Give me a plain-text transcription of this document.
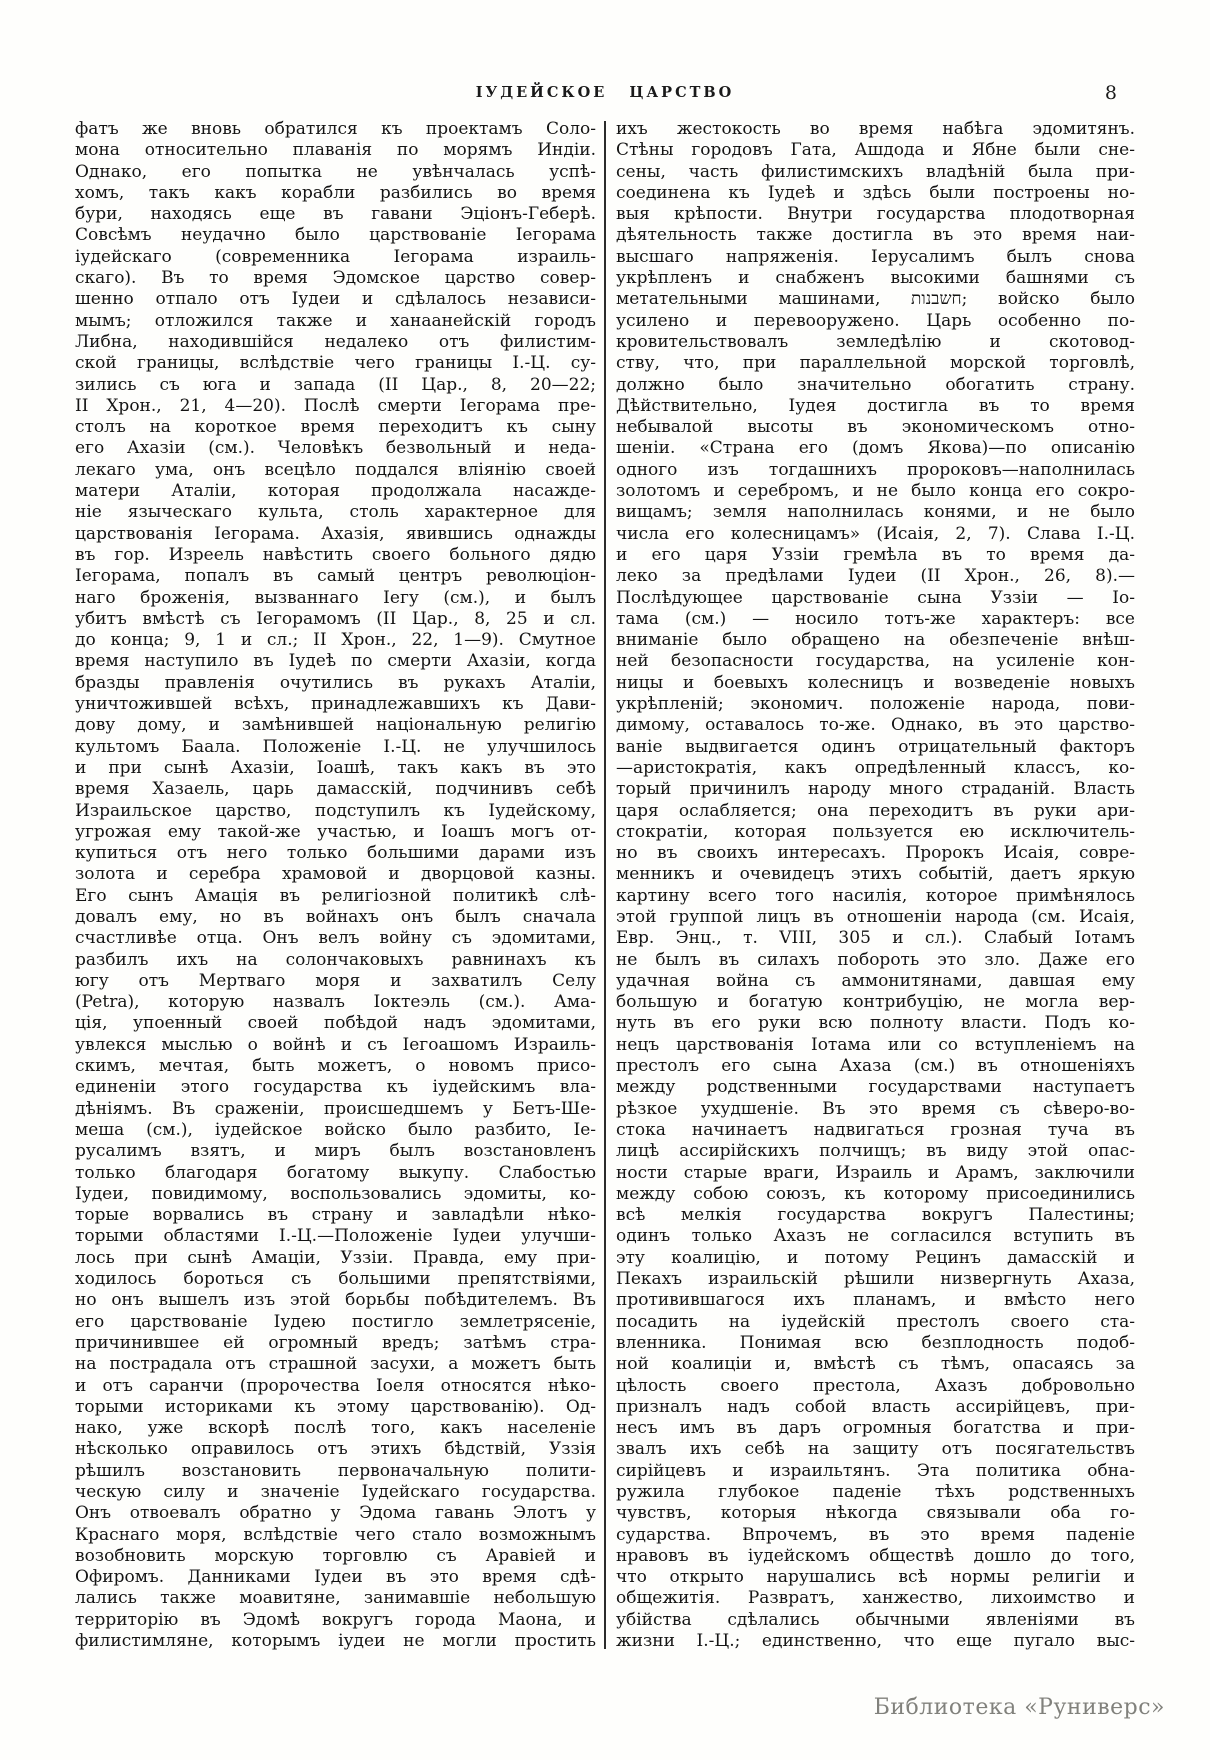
ІУДЕЙСКОЕ ЦАРСТВО	8
фатъ же вновь обратился къ проектамъ Соло-
мона относительно плаванія по морямъ Индіи.
Однако, его попытка не увѣнчалась успѣ-
хомъ, такъ какъ корабли разбились во время
бури, находясь еще въ гавани Эціонъ-Геберѣ.
Совсѣмъ неудачно было царствованіе Іегорама
іудейскаго (современника Іегорама израиль-
скаго). Въ то время Эдомское царство совер-
шенно отпало отъ Іудеи и сдѣлалось независи-
мымъ; отложился также и ханаанейскій городъ
Либна, находившійся недалеко отъ филистим-
ской границы, вслѣдствіе чего границы І.-Ц. су-
зились съ юга и запада (II Цар., 8, 20—22;
II Хрон., 21, 4—20). Послѣ смерти Іегорама пре-
столъ на короткое время переходитъ къ сыну
его Ахазіи (см.). Человѣкъ безвольный и неда-
лекаго ума, онъ всецѣло поддался вліянію своей
матери Аталіи, которая продолжала насажде-
ніе языческаго культа, столь характерное для
царствованія Іегорама. Ахазія, явившись однажды
въ гор. Изреель навѣстить своего больного дядю
Іегорама, попалъ въ самый центръ революціон-
наго броженія, вызваннаго Іегу (см.), и былъ
убитъ вмѣстѣ съ Іегорамомъ (II Цар., 8, 25 и сл.
до конца; 9, 1 и сл.; II Хрон., 22, 1—9). Смутное
время наступило въ Іудеѣ по смерти Ахазіи, когда
бразды правленія очутились въ рукахъ Аталіи,
уничтожившей всѣхъ, принадлежавшихъ къ Дави-
дову дому, и замѣнившей національную религію
культомъ Баала. Положеніе І.-Ц. не улучшилось
и при сынѣ Ахазіи, Іоашѣ, такъ какъ въ это
время Хазаель, царь дамасскій, подчинивъ себѣ
Израильское царство, подступилъ къ Іудейскому,
угрожая ему такой-же участью, и Іоашъ могъ от-
купиться отъ него только большими дарами изъ
золота и серебра храмовой и дворцовой казны.
Его сынъ Амація въ религіозной политикѣ слѣ-
довалъ ему, но въ войнахъ онъ былъ сначала
счастливѣе отца. Онъ велъ войну съ эдомитами,
разбилъ ихъ на солончаковыхъ равнинахъ къ
югу отъ Мертваго моря и захватилъ Селу
(Petra), которую назвалъ Іоктеэль (см.). Ама-
ція, упоенный своей побѣдой надъ эдомитами,
увлекся мыслью о войнѣ и съ Іегоашомъ Израиль-
скимъ, мечтая, быть можетъ, о новомъ присо-
единеніи этого государства къ іудейскимъ вла-
дѣніямъ. Въ сраженіи, происшедшемъ у Бетъ-Ше-
меша (см.), іудейское войско было разбито, Іе-
русалимъ взятъ, и миръ былъ возстановленъ
только благодаря богатому выкупу. Слабостью
Іудеи, повидимому, воспользовались эдомиты, ко-
торые ворвались въ страну и завладѣли нѣко-
торыми областями І.-Ц.—Положеніе Іудеи улучши-
лось при сынѣ Амаціи, Уззіи. Правда, ему при-
ходилось бороться съ большими препятствіями,
но онъ вышелъ изъ этой борьбы побѣдителемъ. Въ
его царствованіе Іудею постигло землетрясеніе,
причинившее ей огромный вредъ; затѣмъ стра-
на пострадала отъ страшной засухи, а можетъ быть
и отъ саранчи (пророчества Іоеля относятся нѣко-
торыми историками къ этому царствованію). Од-
нако, уже вскорѣ послѣ того, какъ населеніе
нѣсколько оправилось отъ этихъ бѣдствій, Уззія
рѣшилъ возстановить первоначальную полити-
ческую силу и значеніе Іудейскаго государства.
Онъ отвоевалъ обратно у Эдома гавань Элотъ у
Краснаго моря, вслѣдствіе чего стало возможнымъ
возобновить морскую торговлю съ Аравіей и
Офиромъ. Данниками Іудеи въ это время сдѣ-
лались также моавитяне, занимавшіе небольшую
территорію въ Эдомѣ вокругъ города Маона, и
филистимляне, которымъ іудеи не могли простить
ихъ жестокость во время набѣга эдомитянъ.
Стѣны городовъ Гата, Ашдода и Ябне были сне-
сены, часть филистимскихъ владѣній была при-
соединена къ Іудеѣ и здѣсь были построены но-
выя крѣпости. Внутри государства плодотворная
дѣятельность также достигла въ это время наи-
высшаго напряженія. Іерусалимъ былъ снова
укрѣпленъ и снабженъ высокими башнями съ
метательными машинами, חשבנות; войско было
усилено и перевооружено. Царь особенно по-
кровительствовалъ земледѣлію и скотовод-
ству, что, при параллельной морской торговлѣ,
должно было значительно обогатить страну.
Дѣйствительно, Іудея достигла въ то время
небывалой высоты въ экономическомъ отно-
шеніи. «Страна его (домъ Якова)—по описанію
одного изъ тогдашнихъ пророковъ—наполнилась
золотомъ и серебромъ, и не было конца его сокро-
вищамъ; земля наполнилась конями, и не было
числа его колесницамъ» (Исаія, 2, 7). Слава І.-Ц.
и его царя Уззіи гремѣла въ то время да-
леко за предѣлами Іудеи (II Хрон., 26, 8).—
Послѣдующее царствованіе сына Уззіи — Іо-
тама (см.) — носило тотъ-же характеръ: все
вниманіе было обращено на обезпеченіе внѣш-
ней безопасности государства, на усиленіе кон-
ницы и боевыхъ колесницъ и возведеніе новыхъ
укрѣпленій; экономич. положеніе народа, пови-
димому, оставалось то-же. Однако, въ это царство-
ваніе выдвигается одинъ отрицательный факторъ
—аристократія, какъ опредѣленный классъ, ко-
торый причинилъ народу много страданій. Власть
царя ослабляется; она переходитъ въ руки ари-
стократіи, которая пользуется ею исключитель-
но въ своихъ интересахъ. Пророкъ Исаія, совре-
менникъ и очевидецъ этихъ событій, даетъ яркую
картину всего того насилія, которое примѣнялось
этой группой лицъ въ отношеніи народа (см. Исаія,
Евр. Энц., т. VIII, 305 и сл.). Слабый Іотамъ
не былъ въ силахъ побороть это зло. Даже его
удачная война съ аммонитянами, давшая ему
большую и богатую контрибуцію, не могла вер-
нуть въ его руки всю полноту власти. Подъ ко-
нецъ царствованія Іотама или со вступленіемъ на
престолъ его сына Ахаза (см.) въ отношеніяхъ
между родственными государствами наступаетъ
рѣзкое ухудшеніе. Въ это время съ сѣверо-во-
стока начинаетъ надвигаться грозная туча въ
лицѣ ассирійскихъ полчищъ; въ виду этой опас-
ности старые враги, Израиль и Арамъ, заключили
между собою союзъ, къ которому присоединились
всѣ мелкія государства вокругъ Палестины;
одинъ только Ахазъ не согласился вступить въ
эту коалицію, и потому Рецинъ дамасскій и
Пекахъ израильскій рѣшили низвергнуть Ахаза,
противившагося ихъ планамъ, и вмѣсто него
посадить на іудейскій престолъ своего ста-
вленника. Понимая всю безплодность подоб-
ной коалиціи и, вмѣстѣ съ тѣмъ, опасаясь за
цѣлость своего престола, Ахазъ добровольно
призналъ надъ собой власть ассирійцевъ, при-
несъ имъ въ даръ огромныя богатства и при-
звалъ ихъ себѣ на защиту отъ посягательствъ
сирійцевъ и израильтянъ. Эта политика обна-
ружила глубокое паденіе тѣхъ родственныхъ
чувствъ, которыя нѣкогда связывали оба го-
сударства. Впрочемъ, въ это время паденіе
нравовъ въ іудейскомъ обществѣ дошло до того,
что открыто нарушались всѣ нормы религіи и
общежитія. Развратъ, ханжество, лихоимство и
убійства сдѣлались обычными явленіями въ
жизни І.-Ц.; единственно, что еще пугало выс-
Библиотека «Руниверс»
